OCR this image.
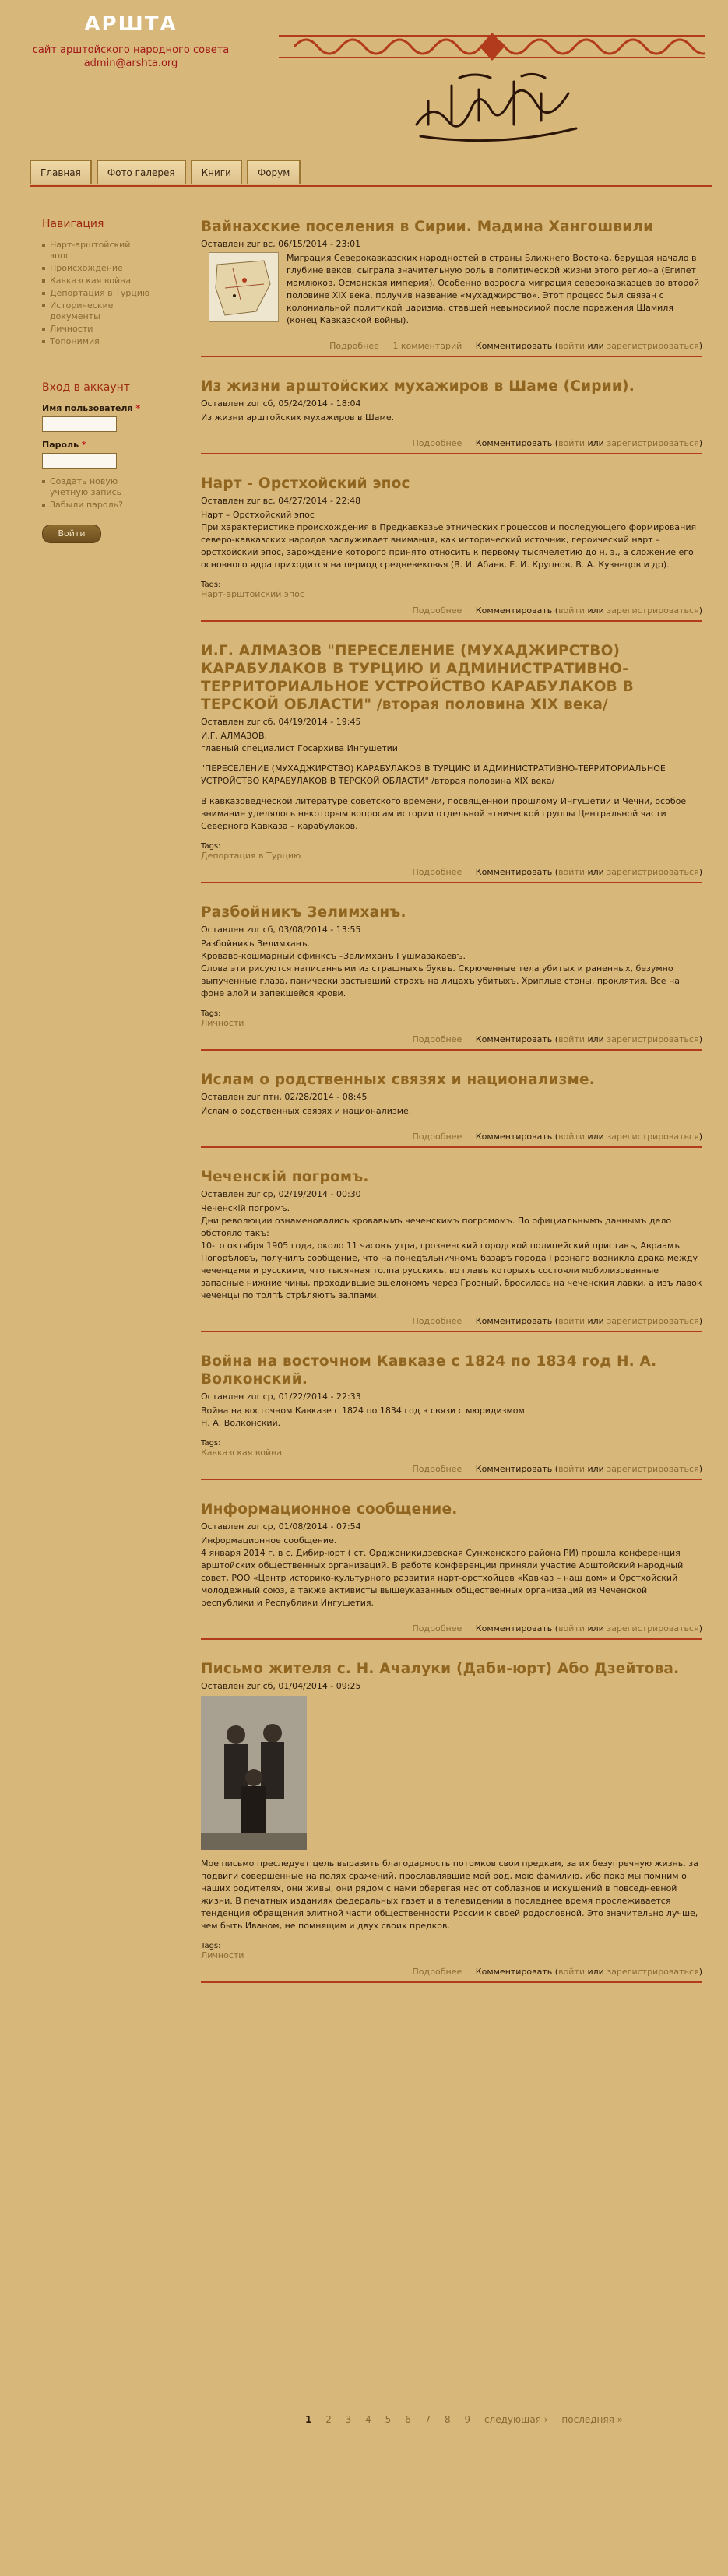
АРШТА
сайт арштойского народного совета
admin@arshta.org
Главная	Фото галерея	Книги	Форум
Навигация
Нарт-арштойский эпос
Происхождение
Кавказская война
Депортация в Турцию
Исторические документы
Личности
Топонимия
Вход в аккаунт
Имя пользователя *
Пароль *
Создать новую учетную запись
Забыли пароль?
Войти
Вайнахские поселения в Сирии. Мадина Хангошвили
Оставлен zur вс, 06/15/2014 - 23:01

Миграция Северокавказских народностей в страны Ближнего Востока, берущая начало в глубине веков, сыграла значительную роль в политической жизни этого региона (Египет мамлюков, Османская империя). Особенно возросла миграция северокавказцев во второй половине XIX века, получив название «мухаджирство». Этот процесс был связан с колониальной политикой царизма, ставшей невыносимой после поражения Шамиля (конец Кавказской войны).

Подробнее 1 комментарий Комментировать (войти или зарегистрироваться)
Из жизни арштойских мухажиров в Шаме (Сирии).
Оставлен zur сб, 05/24/2014 - 18:04

Из жизни арштойских мухажиров в Шаме.

Подробнее Комментировать (войти или зарегистрироваться)
Нарт - Орстхойский эпос
Оставлен zur вс, 04/27/2014 - 22:48
Нарт – Орстхойский эпос

При характеристике происхождения в Предкавказье этнических процессов и последующего формирования северо-кавказских народов заслуживает внимания, как исторический источник, героический нарт – орстхойский эпос, зарождение которого принято относить к первому тысячелетию до н. э., а сложение его основного ядра приходится на период средневековья (В. И. Абаев, Е. И. Крупнов, В. А. Кузнецов и др).

Tags:
Нарт-арштойский эпос
Подробнее Комментировать (войти или зарегистрироваться)
И.Г. АЛМАЗОВ "ПЕРЕСЕЛЕНИЕ (МУХАДЖИРСТВО) КАРАБУЛАКОВ В ТУРЦИЮ И АДМИНИСТРАТИВНО-ТЕРРИТОРИАЛЬНОЕ УСТРОЙСТВО КАРАБУЛАКОВ В ТЕРСКОЙ ОБЛАСТИ" /вторая половина XIX века/
Оставлен zur сб, 04/19/2014 - 19:45
И.Г. АЛМАЗОВ,

главный специалист Госархива Ингушетии

"ПЕРЕСЕЛЕНИЕ (МУХАДЖИРСТВО) КАРАБУЛАКОВ В ТУРЦИЮ И АДМИНИСТРАТИВНО-ТЕРРИТОРИАЛЬНОЕ УСТРОЙСТВО КАРАБУЛАКОВ В ТЕРСКОЙ ОБЛАСТИ" /вторая половина XIX века/

В кавказоведческой литературе советского времени, посвященной прошлому Ингушетии и Чечни, особое внимание уделялось некоторым вопросам истории отдельной этнической группы Центральной части Северного Кавказа – карабулаков.

Tags:
Депортация в Турцию
Подробнее Комментировать (войти или зарегистрироваться)
Разбойникъ Зелимханъ.
Оставлен zur сб, 03/08/2014 - 13:55
Разбойникъ Зелимханъ.
Кроваво-кошмарный сфинксъ –Зелимханъ Гушмазакаевъ.

Слова эти рисуются написанными из страшныхъ буквъ. Скрюченные тела убитых и раненных, безумно выпученные глаза, панически застывший страхъ на лицахъ убитыхъ. Хриплые стоны, проклятия. Все на фоне алой и запекшейся крови.

Tags:
Личности
Подробнее Комментировать (войти или зарегистрироваться)
Ислам о родственных связях и национализме.
Оставлен zur птн, 02/28/2014 - 08:45

Ислам о родственных связях и национализме.

Подробнее Комментировать (войти или зарегистрироваться)
Чеченскій погромъ.
Оставлен zur ср, 02/19/2014 - 00:30
Чеченскій погромъ.
Дни революции ознаменовались кровавымъ чеченскимъ погромомъ. По официальнымъ даннымъ дело обстояло такъ:

10-го октября 1905 года, около 11 часовъ утра, грозненский городской полицейский приставъ, Авраамъ Погорѣловъ, получилъ сообщение, что на понедѣльничномъ базарѣ города Грознаго возникла драка между чеченцами и русскими, что тысячная толпа русскихъ, во главъ которыхъ состояли мобилизованные запасные нижние чины, проходившие эшелономъ через Грозный, бросилась на чеченския лавки, а изъ лавок чеченцы по толпѣ стрѣляютъ залпами.

Подробнее Комментировать (войти или зарегистрироваться)
Война на восточном Кавказе с 1824 по 1834 год Н. А. Волконский.
Оставлен zur ср, 01/22/2014 - 22:33
Война на восточном Кавказе с 1824 по 1834 год в связи с мюридизмом.
Н. А. Волконский.
Tags:
Кавказская война
Подробнее Комментировать (войти или зарегистрироваться)
Информационное сообщение.
Оставлен zur ср, 01/08/2014 - 07:54
Информационное сообщение.

4 января 2014 г. в с. Дибир-юрт ( ст. Орджоникидзевская Сунженского района РИ) прошла конференция арштойских общественных организаций. В работе конференции приняли участие Арштойский народный совет, РОО «Центр историко-культурного развития нарт-орстхойцев «Кавказ – наш дом» и Орстхойский молодежный союз, а также активисты вышеуказанных общественных организаций из Чеченской республики и Республики Ингушетия.

Подробнее Комментировать (войти или зарегистрироваться)
Письмо жителя с. Н. Ачалуки (Даби-юрт) Або Дзейтова.
Оставлен zur сб, 01/04/2014 - 09:25

Мое письмо преследует цель выразить благодарность потомков свои предкам, за их безупречную жизнь, за подвиги совершенные на полях сражений, прославлявшие мой род, мою фамилию, ибо пока мы помним о наших родителях, они живы, они рядом с нами оберегая нас от соблазнов и искушений в повседневной жизни. В печатных изданиях федеральных газет и в телевидении в последнее время прослеживается тенденция обращения элитной части общественности России к своей родословной. Это значительно лучше, чем быть Иваном, не помнящим и двух своих предков.

Tags:
Личности
Подробнее Комментировать (войти или зарегистрироваться)
1 2 3 4 5 6 7 8 9 следующая › последняя »
